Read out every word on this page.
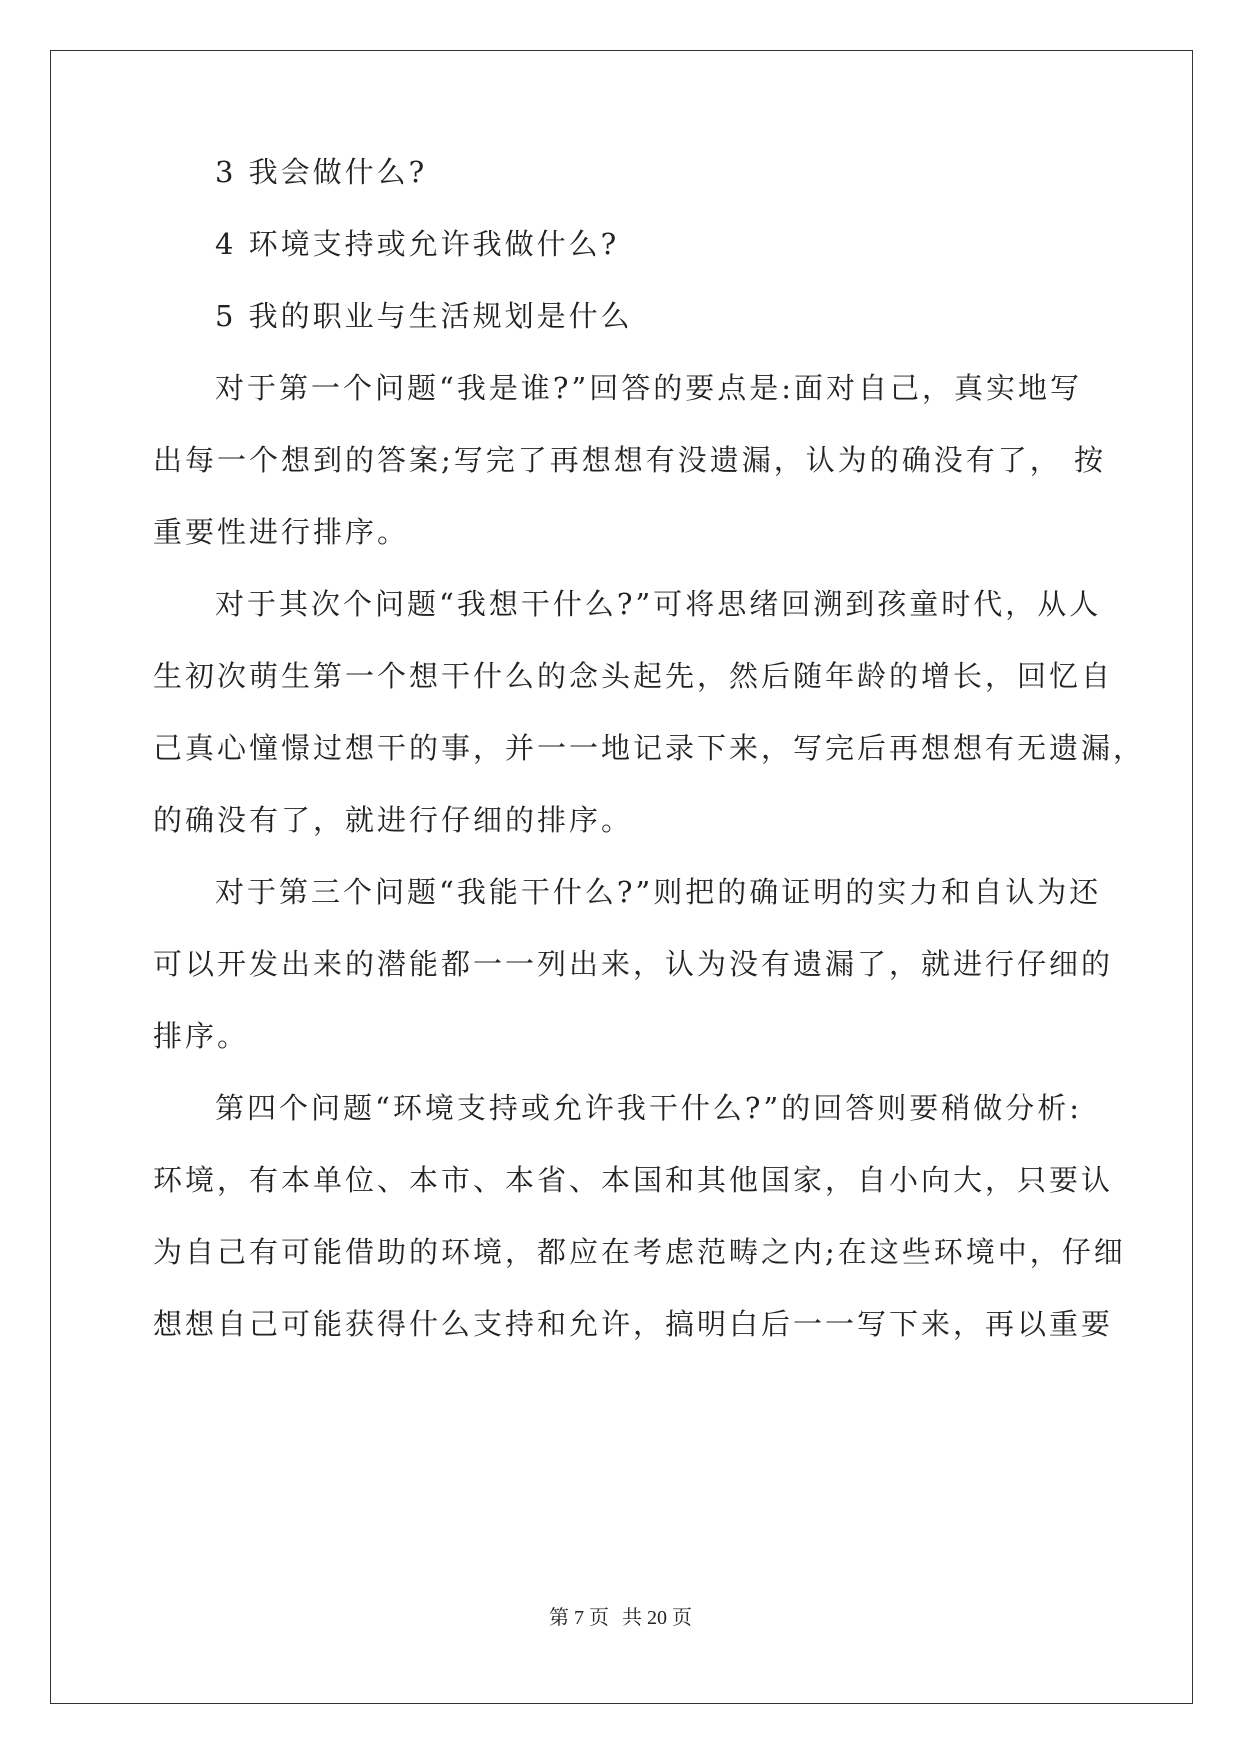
3 我会做什么?
4 环境支持或允许我做什么?
5 我的职业与生活规划是什么
对于第一个问题“我是谁?”回答的要点是:面对自己，真实地写
出每一个想到的答案;写完了再想想有没遗漏，认为的确没有了， 按
重要性进行排序。
对于其次个问题“我想干什么?”可将思绪回溯到孩童时代，从人
生初次萌生第一个想干什么的念头起先，然后随年龄的增长，回忆自
己真心憧憬过想干的事，并一一地记录下来，写完后再想想有无遗漏，
的确没有了，就进行仔细的排序。
对于第三个问题“我能干什么?”则把的确证明的实力和自认为还
可以开发出来的潜能都一一列出来，认为没有遗漏了，就进行仔细的
排序。
第四个问题“环境支持或允许我干什么?”的回答则要稍做分析:
环境，有本单位、本市、本省、本国和其他国家，自小向大，只要认
为自己有可能借助的环境，都应在考虑范畴之内;在这些环境中，仔细
想想自己可能获得什么支持和允许，搞明白后一一写下来，再以重要
第 7 页 共 20 页
